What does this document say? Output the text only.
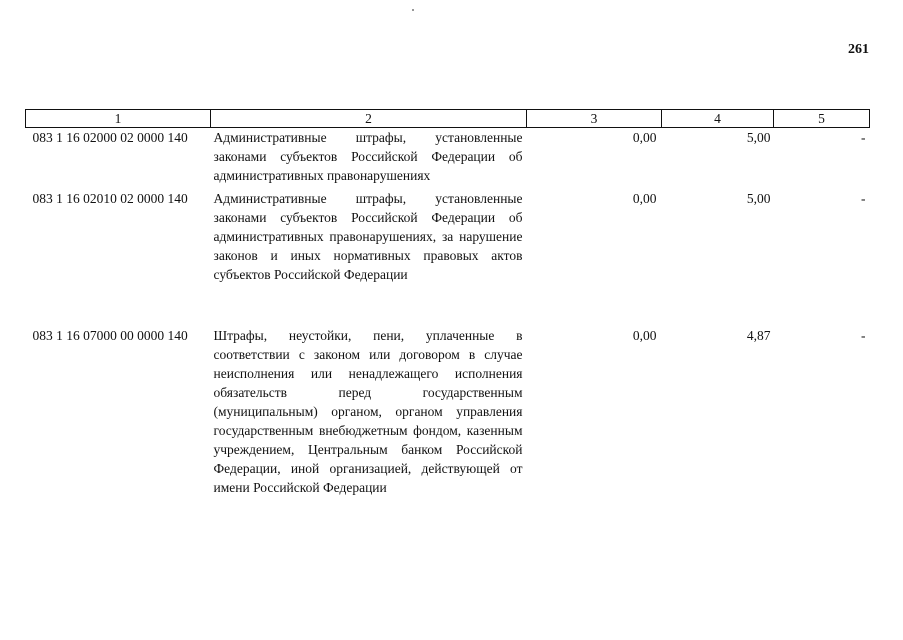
261
1	2	3	4	5
083 1 16 02000 02 0000 140	Административные штрафы, установленные законами субъектов Российской Федерации об административных правонарушениях	0,00	5,00	-
083 1 16 02010 02 0000 140	Административные штрафы, установленные законами субъектов Российской Федерации об административных правонарушениях, за нарушение законов и иных нормативных правовых актов субъектов Российской Федерации	0,00	5,00	-
083 1 16 07000 00 0000 140	Штрафы, неустойки, пени, уплаченные в соответствии с законом или договором в случае неисполнения или ненадлежащего исполнения обязательств перед государственным (муниципальным) органом, органом управления государственным внебюджетным фондом, казенным учреждением, Центральным банком Российской Федерации, иной организацией, действующей от имени Российской Федерации	0,00	4,87	-
